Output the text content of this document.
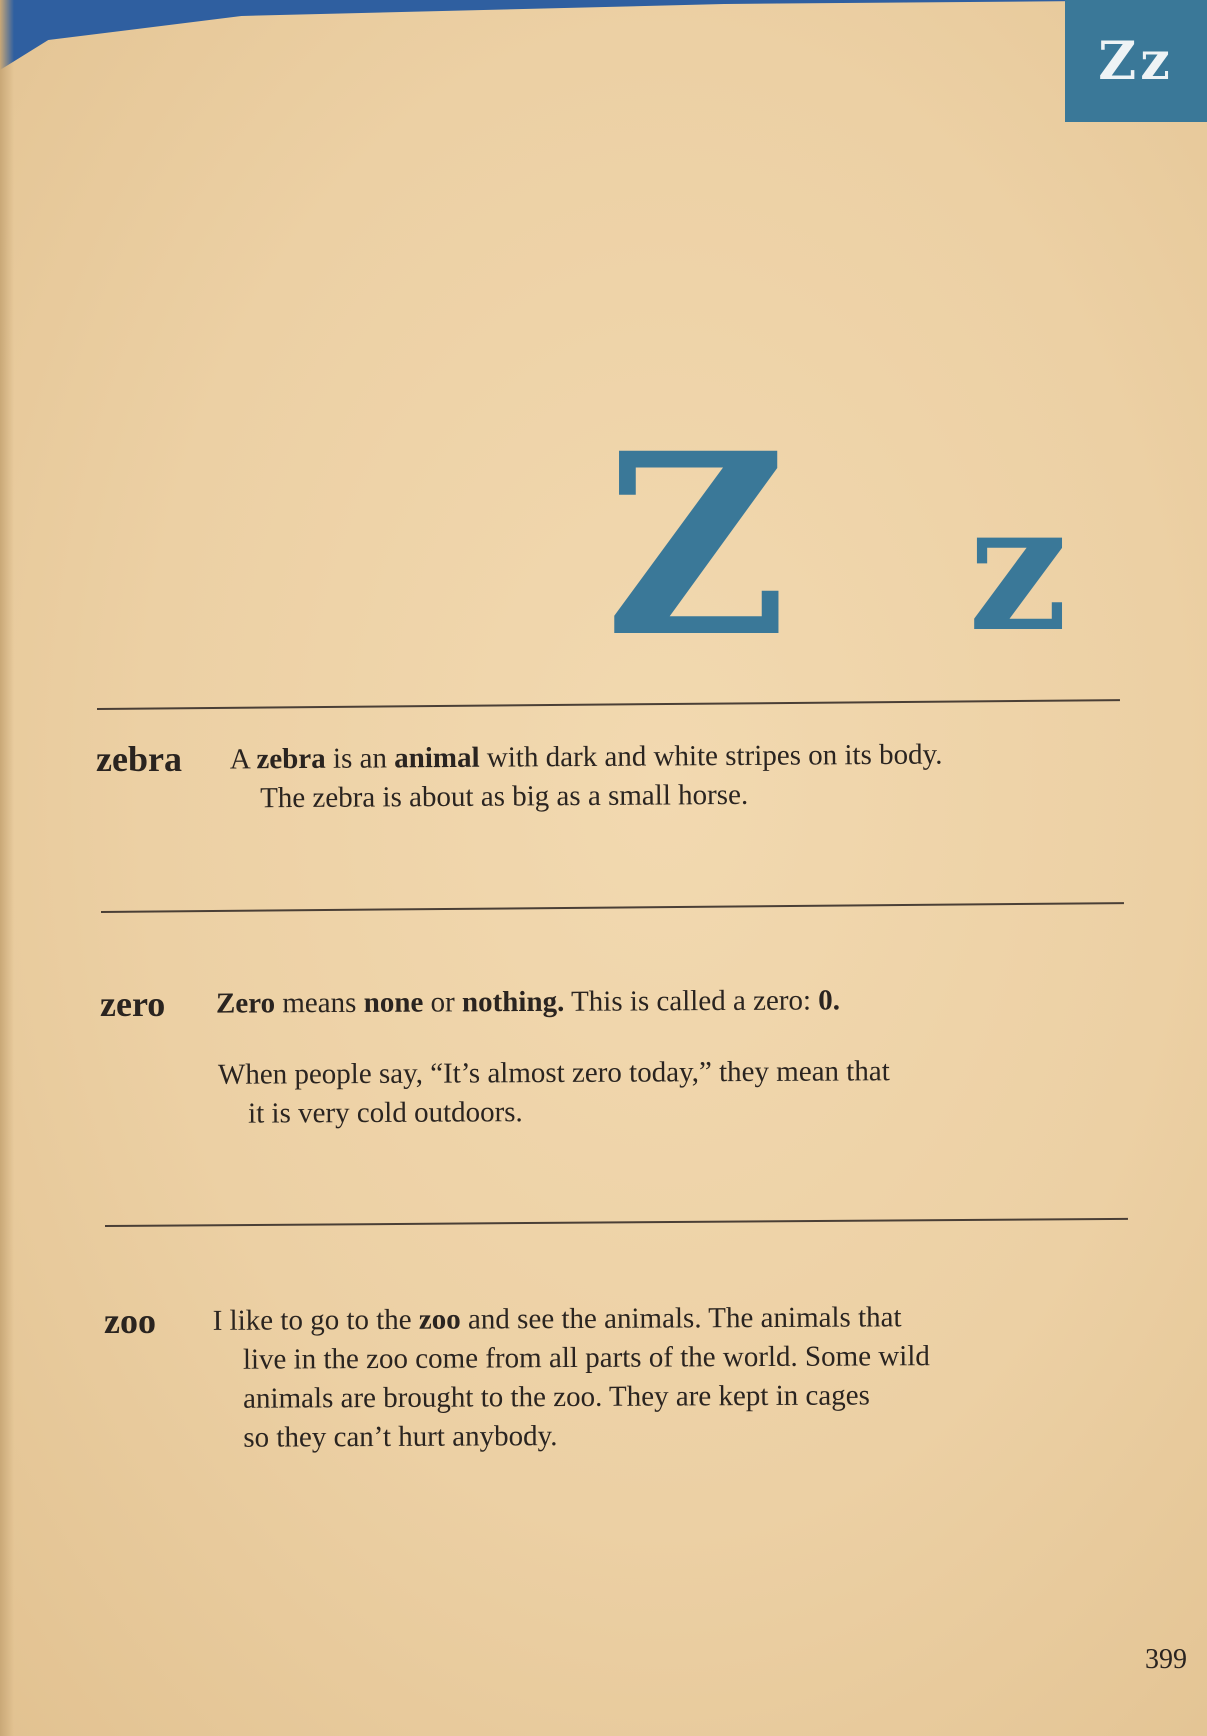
Zz
Z z
zebra A zebra is an animal with dark and white stripes on its body.
The zebra is about as big as a small horse.
zero Zero means none or nothing. This is called a zero: 0.
When people say, “It’s almost zero today,” they mean that
it is very cold outdoors.
zoo I like to go to the zoo and see the animals. The animals that
live in the zoo come from all parts of the world. Some wild
animals are brought to the zoo. They are kept in cages
so they can’t hurt anybody.
399
